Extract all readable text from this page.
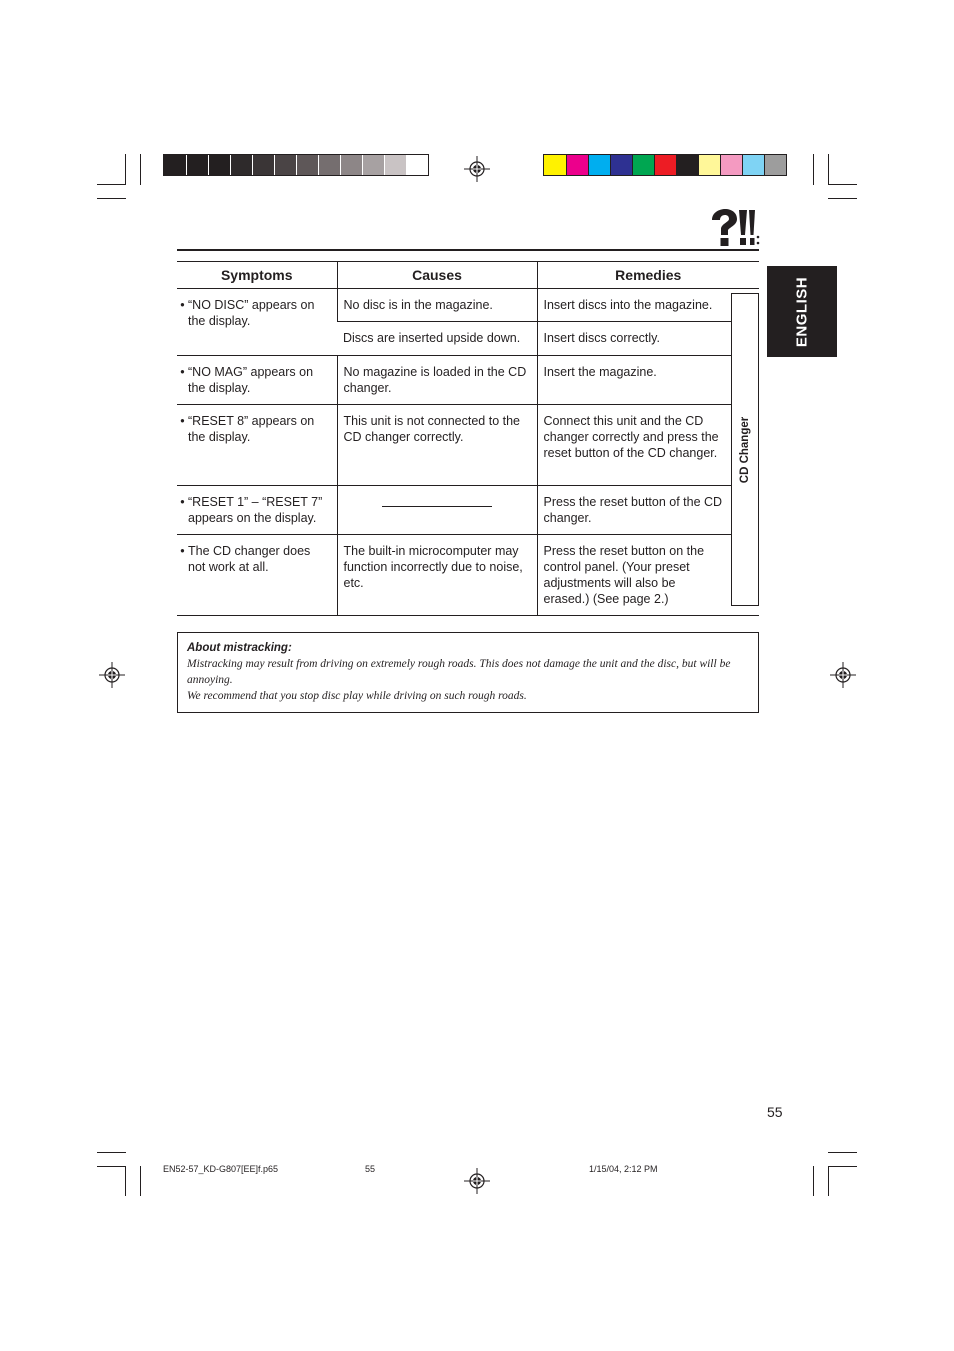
Symptoms	Causes	Remedies

• “NO DISC” appears on the display.	No disc is in the magazine.	Insert discs into the magazine.
	Discs are inserted upside down.	Insert discs correctly.

• “NO MAG” appears on the display.	No magazine is loaded in the CD changer.	Insert the magazine.

• “RESET 8” appears on the display.	This unit is not connected to the CD changer correctly.	Connect this unit and the CD changer correctly and press the reset button of the CD changer.

• “RESET 1” – “RESET 7” appears on the display.		Press the reset button of the CD changer.

• The CD changer does not work at all.	The built-in microcomputer may function incorrectly due to noise, etc.	Press the reset button on the control panel. (Your preset adjustments will also be erased.) (See page 2.)
CD Changer
ENGLISH
About mistracking:
Mistracking may result from driving on extremely rough roads. This does not damage the unit and the disc, but will be annoying.
We recommend that you stop disc play while driving on such rough roads.
55
EN52-57_KD-G807[EE]f.p65	55	1/15/04, 2:12 PM
